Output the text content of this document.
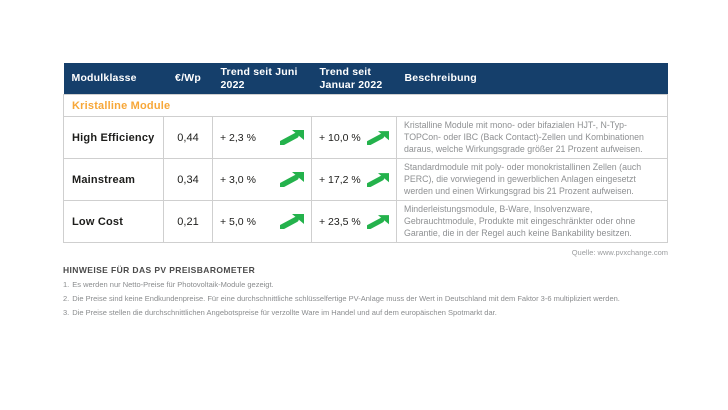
Modulklasse	€/Wp	Trend seit Juni 2022	Trend seit Januar 2022	Beschreibung
Kristalline Module				
High Efficiency	0,44	+ 2,3 %	+ 10,0 %	Kristalline Module mit mono- oder bifazialen HJT-, N-Typ-TOPCon- oder IBC (Back Contact)-Zellen und Kombinationen daraus, welche Wirkungsgrade größer 21 Prozent aufweisen.
Mainstream	0,34	+ 3,0 %	+ 17,2 %	Standardmodule mit poly- oder monokristallinen Zellen (auch PERC), die vorwiegend in gewerblichen Anlagen eingesetzt werden und einen Wirkungsgrad bis 21 Prozent aufweisen.
Low Cost	0,21	+ 5,0 %	+ 23,5 %	Minderleistungsmodule, B-Ware, Insolvenzware, Gebrauchtmodule, Produkte mit eingeschränkter oder ohne Garantie, die in der Regel auch keine Bankability besitzen.
Quelle: www.pvxchange.com
HINWEISE FÜR DAS PV PREISBAROMETER
1. Es werden nur Netto-Preise für Photovoltaik-Module gezeigt.
2. Die Preise sind keine Endkundenpreise. Für eine durchschnittliche schlüsselfertige PV-Anlage muss der Wert in Deutschland mit dem Faktor 3-6 multipliziert werden.
3. Die Preise stellen die durchschnittlichen Angebotspreise für verzollte Ware im Handel und auf dem europäischen Spotmarkt dar.
